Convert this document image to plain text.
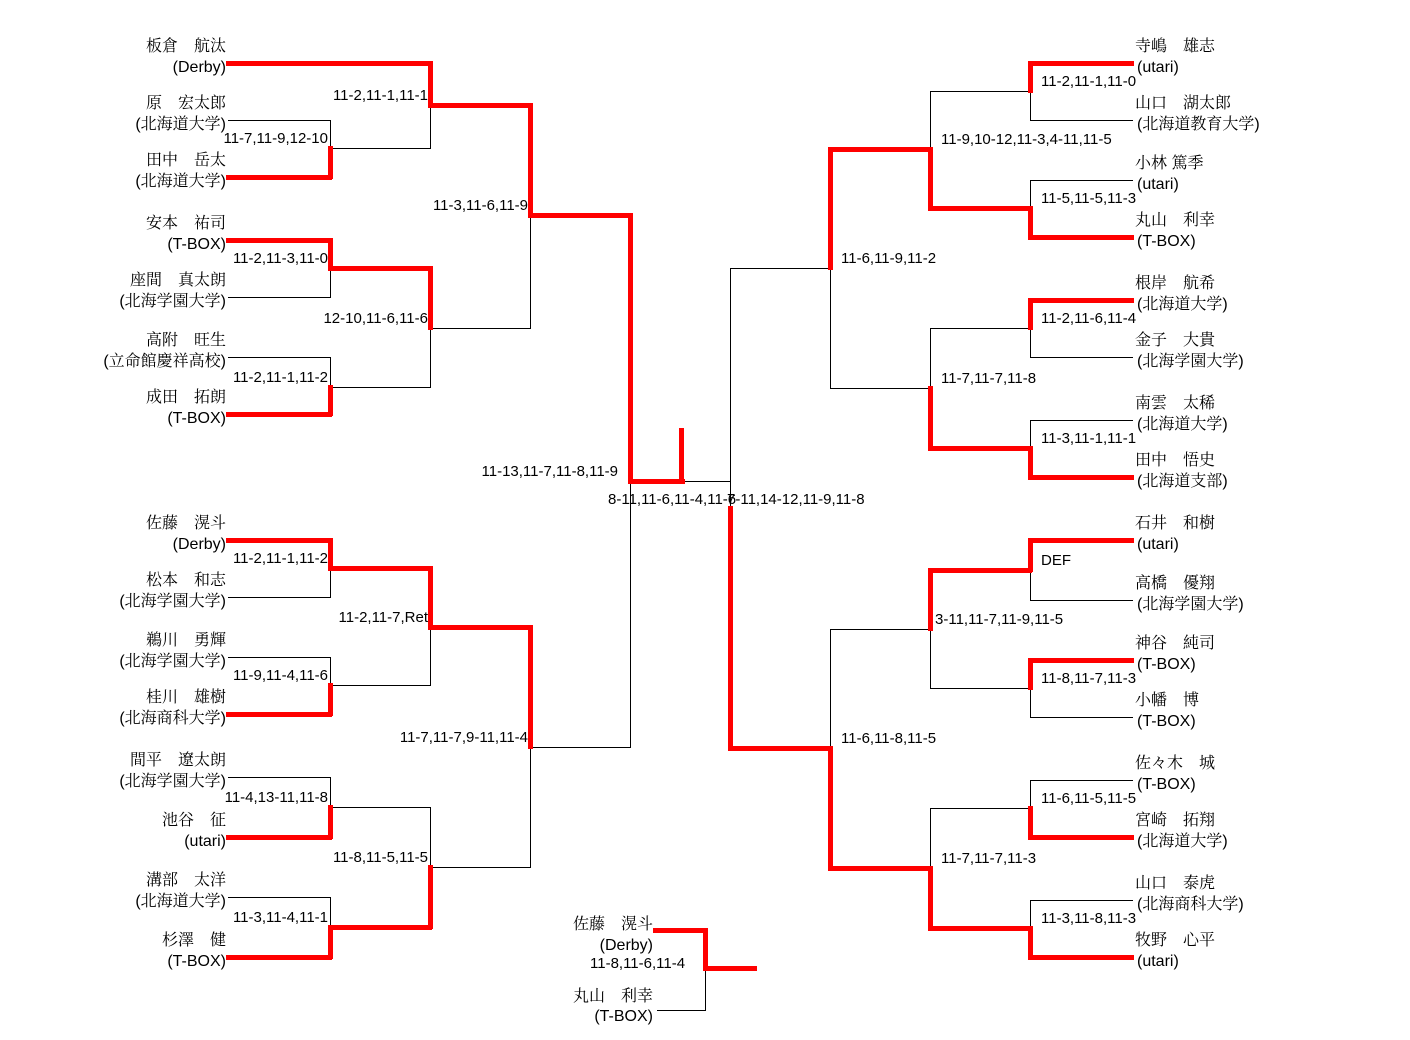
板倉　航汰
(Derby)
原　宏太郎
(北海道大学)
田中　岳太
(北海道大学)
安本　祐司
(T-BOX)
座間　真太朗
(北海学園大学)
高附　旺生
(立命館慶祥高校)
成田　拓朗
(T-BOX)
佐藤　滉斗
(Derby)
松本　和志
(北海学園大学)
鵜川　勇輝
(北海学園大学)
桂川　雄樹
(北海商科大学)
間平　遼太朗
(北海学園大学)
池谷　征
(utari)
溝部　太洋
(北海道大学)
杉澤　健
(T-BOX)
寺嶋　雄志
(utari)
山口　湖太郎
(北海道教育大学)
小林 篤季
(utari)
丸山　利幸
(T-BOX)
根岸　航希
(北海道大学)
金子　大貴
(北海学園大学)
南雲　太稀
(北海道大学)
田中　悟史
(北海道支部)
石井　和樹
(utari)
高橋　優翔
(北海学園大学)
神谷　純司
(T-BOX)
小幡　博
(T-BOX)
佐々木　城
(T-BOX)
宮崎　拓翔
(北海道大学)
山口　泰虎
(北海商科大学)
牧野　心平
(utari)
11-2,11-1,11-1
11-7,11-9,12-10
11-2,11-3,11-0
11-2,11-1,11-2
12-10,11-6,11-6
11-3,11-6,11-9
11-2,11-1,11-2
11-9,11-4,11-6
11-2,11-7,Ret
11-4,13-11,11-8
11-3,11-4,11-1
11-8,11-5,11-5
11-7,11-7,9-11,11-4
11-13,11-7,11-8,11-9
8-11,11-6,11-4,11-6
7-11,14-12,11-9,11-8
11-2,11-1,11-0
11-5,11-5,11-3
11-9,10-12,11-3,4-11,11-5
11-2,11-6,11-4
11-3,11-1,11-1
11-7,11-7,11-8
11-6,11-9,11-2
DEF
11-8,11-7,11-3
3-11,11-7,11-9,11-5
11-6,11-5,11-5
11-3,11-8,11-3
11-7,11-7,11-3
11-6,11-8,11-5
佐藤　滉斗
(Derby)
11-8,11-6,11-4
丸山　利幸
(T-BOX)
